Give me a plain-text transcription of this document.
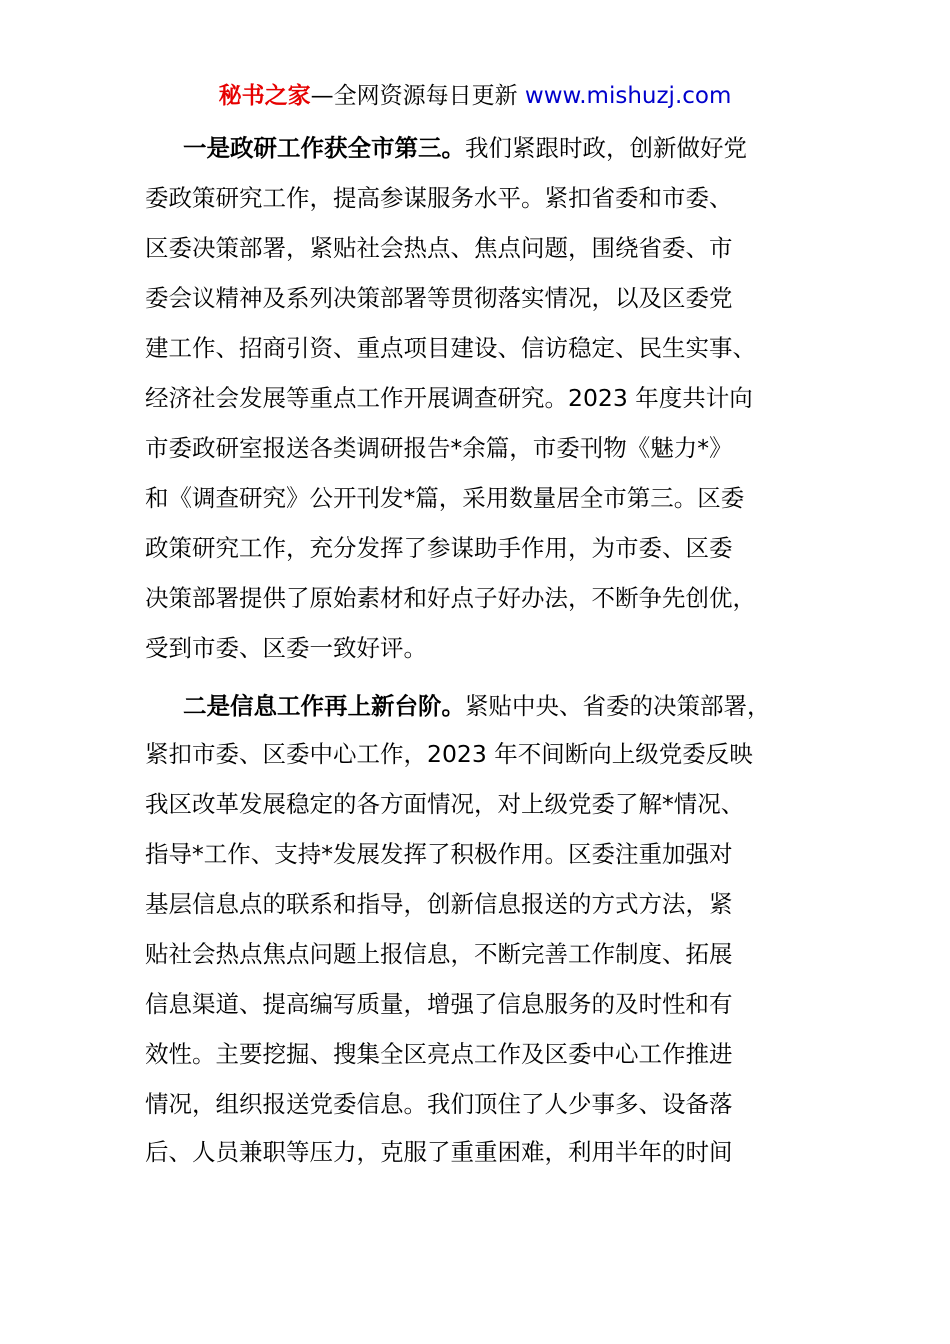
秘书之家—全网资源每日更新 www.mishuzj.com
一是政研工作获全市第三。我们紧跟时政，创新做好党
委政策研究工作，提高参谋服务水平。紧扣省委和市委、
区委决策部署，紧贴社会热点、焦点问题，围绕省委、市
委会议精神及系列决策部署等贯彻落实情况，以及区委党
建工作、招商引资、重点项目建设、信访稳定、民生实事、
经济社会发展等重点工作开展调查研究。2023 年度共计向
市委政研室报送各类调研报告*余篇，市委刊物《魅力*》
和《调查研究》公开刊发*篇，采用数量居全市第三。区委
政策研究工作，充分发挥了参谋助手作用，为市委、区委
决策部署提供了原始素材和好点子好办法，不断争先创优，
受到市委、区委一致好评。
二是信息工作再上新台阶。紧贴中央、省委的决策部署，
紧扣市委、区委中心工作，2023 年不间断向上级党委反映
我区改革发展稳定的各方面情况，对上级党委了解*情况、
指导*工作、支持*发展发挥了积极作用。区委注重加强对
基层信息点的联系和指导，创新信息报送的方式方法，紧
贴社会热点焦点问题上报信息，不断完善工作制度、拓展
信息渠道、提高编写质量，增强了信息服务的及时性和有
效性。主要挖掘、搜集全区亮点工作及区委中心工作推进
情况，组织报送党委信息。我们顶住了人少事多、设备落
后、人员兼职等压力，克服了重重困难，利用半年的时间
